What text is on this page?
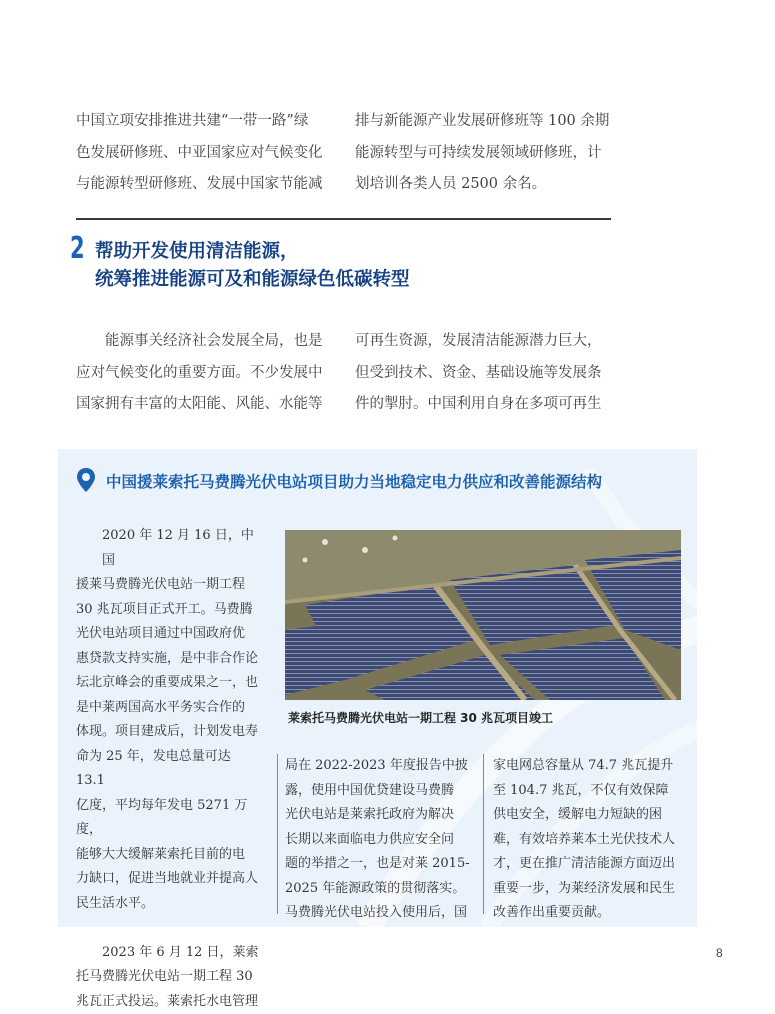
中国立项安排推进共建“一带一路”绿
色发展研修班、中亚国家应对气候变化
与能源转型研修班、发展中国家节能减
排与新能源产业发展研修班等 100 余期
能源转型与可持续发展领域研修班，计
划培训各类人员 2500 余名。
2 帮助开发使用清洁能源，
统筹推进能源可及和能源绿色低碳转型
能源事关经济社会发展全局，也是
应对气候变化的重要方面。不少发展中
国家拥有丰富的太阳能、风能、水能等
可再生资源，发展清洁能源潜力巨大，
但受到技术、资金、基础设施等发展条
件的掣肘。中国利用自身在多项可再生
中国援莱索托马费腾光伏电站项目助力当地稳定电力供应和改善能源结构
2020 年 12 月 16 日，中国
援莱马费腾光伏电站一期工程
30 兆瓦项目正式开工。马费腾
光伏电站项目通过中国政府优
惠贷款支持实施，是中非合作论
坛北京峰会的重要成果之一，也
是中莱两国高水平务实合作的
体现。项目建成后，计划发电寿
命为 25 年，发电总量可达 13.1
亿度，平均每年发电 5271 万度，
能够大大缓解莱索托目前的电
力缺口，促进当地就业并提高人
民生活水平。
2023 年 6 月 12 日，莱索
托马费腾光伏电站一期工程 30
兆瓦正式投运。莱索托水电管理
莱索托马费腾光伏电站一期工程 30 兆瓦项目竣工
局在 2022-2023 年度报告中披
露，使用中国优贷建设马费腾
光伏电站是莱索托政府为解决
长期以来面临电力供应安全问
题的举措之一，也是对莱 2015-
2025 年能源政策的贯彻落实。
马费腾光伏电站投入使用后，国
家电网总容量从 74.7 兆瓦提升
至 104.7 兆瓦，不仅有效保障
供电安全，缓解电力短缺的困
难，有效培养莱本土光伏技术人
才，更在推广清洁能源方面迈出
重要一步，为莱经济发展和民生
改善作出重要贡献。
8
